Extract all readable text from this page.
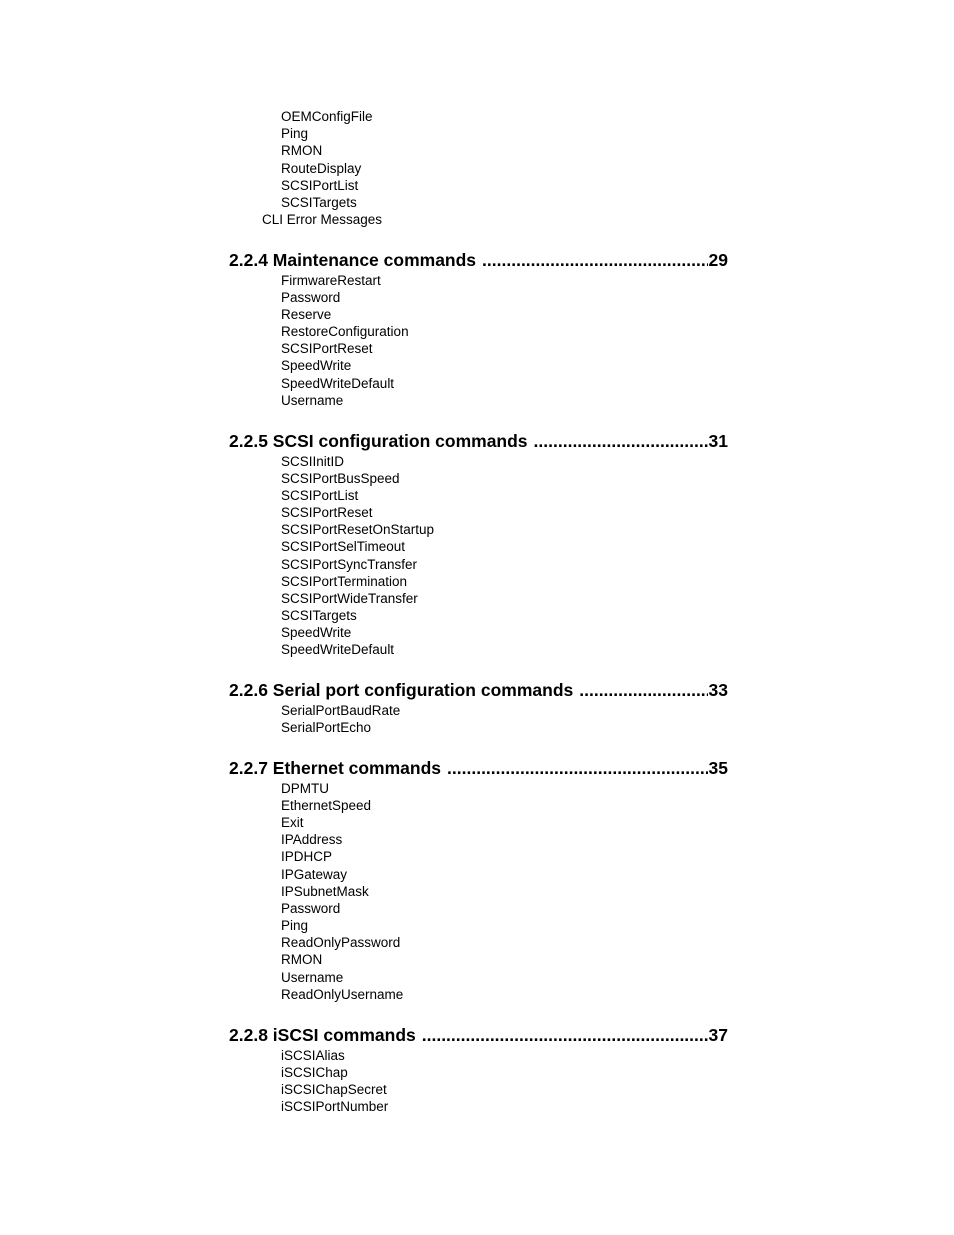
OEMConfigFile
Ping
RMON
RouteDisplay
SCSIPortList
SCSITargets
CLI Error Messages
2.2.4 Maintenance commands .....	29
FirmwareRestart
Password
Reserve
RestoreConfiguration
SCSIPortReset
SpeedWrite
SpeedWriteDefault
Username
2.2.5 SCSI configuration commands .....	31
SCSIInitID
SCSIPortBusSpeed
SCSIPortList
SCSIPortReset
SCSIPortResetOnStartup
SCSIPortSelTimeout
SCSIPortSyncTransfer
SCSIPortTermination
SCSIPortWideTransfer
SCSITargets
SpeedWrite
SpeedWriteDefault
2.2.6 Serial port configuration commands .....	33
SerialPortBaudRate
SerialPortEcho
2.2.7 Ethernet commands .....	35
DPMTU
EthernetSpeed
Exit
IPAddress
IPDHCP
IPGateway
IPSubnetMask
Password
Ping
ReadOnlyPassword
RMON
Username
ReadOnlyUsername
2.2.8 iSCSI commands .....	37
iSCSIAlias
iSCSIChap
iSCSIChapSecret
iSCSIPortNumber
